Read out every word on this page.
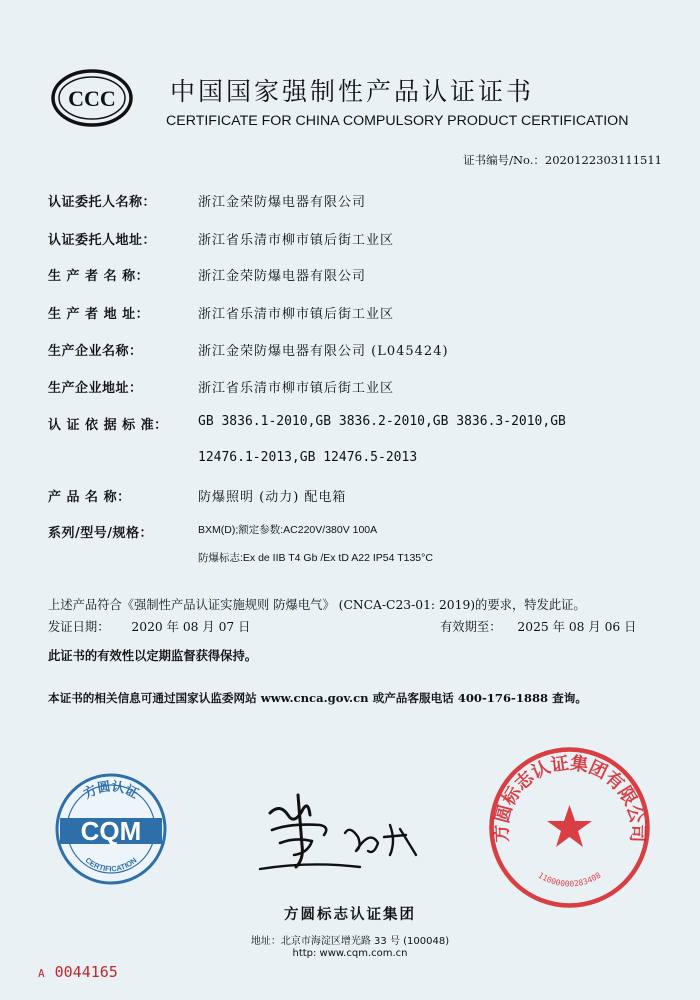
CCC 中国国家强制性产品认证证书
CERTIFICATE FOR CHINA COMPULSORY PRODUCT CERTIFICATION
证书编号/No.：2020122303111511
认证委托人名称：	浙江金荣防爆电器有限公司
认证委托人地址：	浙江省乐清市柳市镇后街工业区
生 产 者 名 称：	浙江金荣防爆电器有限公司
生 产 者 地 址：	浙江省乐清市柳市镇后街工业区
生产企业名称：	浙江金荣防爆电器有限公司 (L045424)
生产企业地址：	浙江省乐清市柳市镇后街工业区
认 证 依 据 标 准：	GB 3836.1-2010,GB 3836.2-2010,GB 3836.3-2010,GB
12476.1-2013,GB 12476.5-2013
产 品 名 称：	防爆照明 (动力) 配电箱
系列/型号/规格：	BXM(D);额定参数:AC220V/380V 100A
防爆标志:Ex de IIB T4 Gb /Ex tD A22 IP54 T135°C
上述产品符合《强制性产品认证实施规则 防爆电气》 (CNCA-C23-01: 2019)的要求，特发此证。
发证日期： 2020 年 08 月 07 日	有效期至： 2025 年 08 月 06 日
此证书的有效性以定期监督获得保持。
本证书的相关信息可通过国家认监委网站 www.cnca.gov.cn 或产品客服电话 400-176-1888 查询。
方圆认证
CQM
CERTIFICATION
方圆标志认证集团有限公司
110000002834​08
方圆标志认证集团
地址：北京市海淀区增光路 33 号 (100048)
http: www.cqm.com.cn
A 0044165
